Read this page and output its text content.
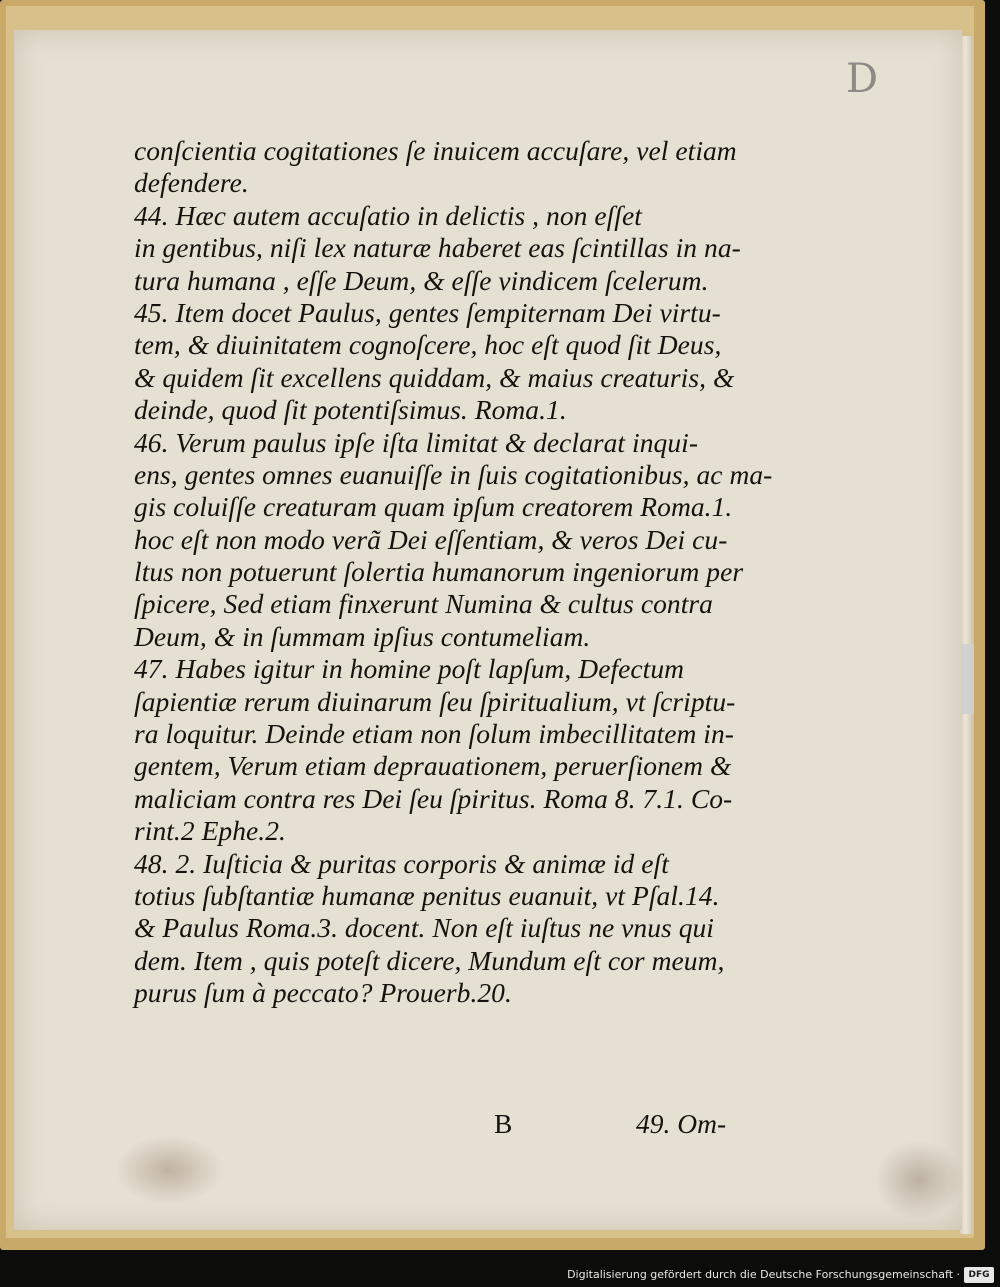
D
conſcientia cogitationes ſe inuicem accuſare, vel etiam
defendere.
44. Hæc autem accuſatio in delictis , non eſſet
in gentibus, niſi lex naturæ haberet eas ſcintillas in na-
tura humana , eſſe Deum, & eſſe vindicem ſcelerum.
45. Item docet Paulus, gentes ſempiternam Dei virtu-
tem, & diuinitatem cognoſcere, hoc eſt quod ſit Deus,
& quidem ſit excellens quiddam, & maius creaturis, &
deinde, quod ſit potentiſsimus. Roma.1.
46. Verum paulus ipſe iſta limitat & declarat inqui-
ens, gentes omnes euanuiſſe in ſuis cogitationibus, ac ma-
gis coluiſſe creaturam quam ipſum creatorem Roma.1.
hoc eſt non modo verã Dei eſſentiam, & veros Dei cu-
ltus non potuerunt ſolertia humanorum ingeniorum per
ſpicere, Sed etiam finxerunt Numina & cultus contra
Deum, & in ſummam ipſius contumeliam.
47. Habes igitur in homine poſt lapſum, Defectum
ſapientiæ rerum diuinarum ſeu ſpiritualium, vt ſcriptu-
ra loquitur. Deinde etiam non ſolum imbecillitatem in-
gentem, Verum etiam deprauationem, peruerſionem &
maliciam contra res Dei ſeu ſpiritus. Roma 8. 7.1. Co-
rint.2 Ephe.2.
48. 2. Iuſticia & puritas corporis & animæ id eſt
totius ſubſtantiæ humanæ penitus euanuit, vt Pſal.14.
& Paulus Roma.3. docent. Non eſt iuſtus ne vnus qui
dem. Item , quis poteſt dicere, Mundum eſt cor meum,
purus ſum à peccato? Prouerb.20.
B	49. Om-
Digitalisierung gefördert durch die Deutsche Forschungsgemeinschaft · DFG
